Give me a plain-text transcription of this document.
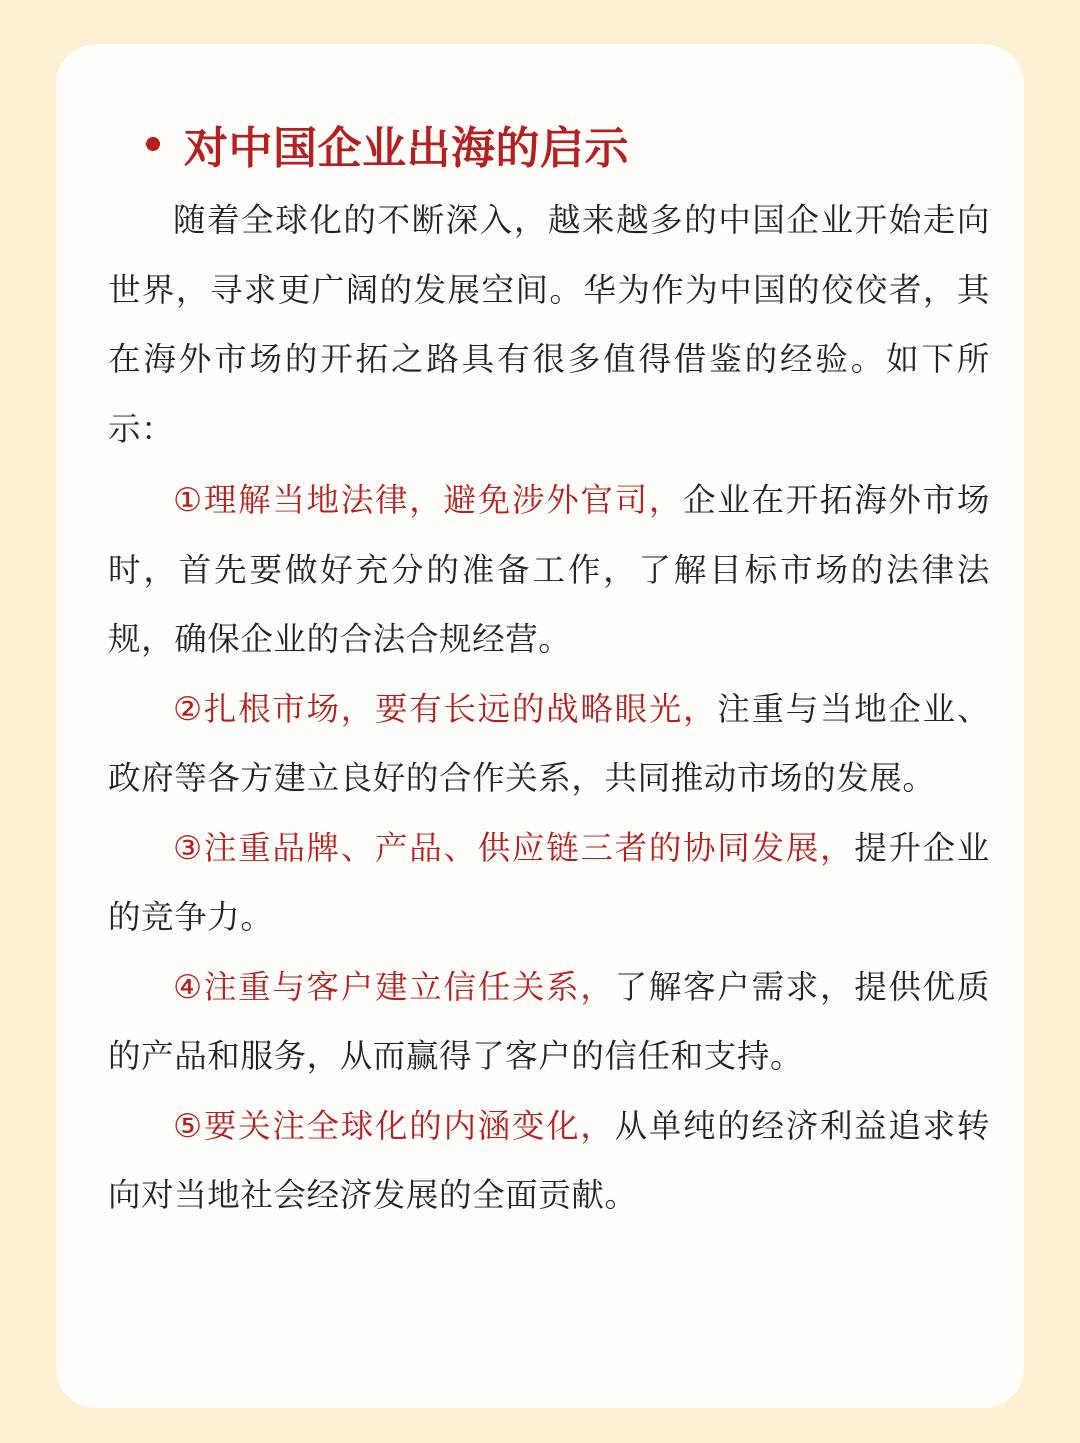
对中国企业出海的启示

随着全球化的不断深入，越来越多的中国企业开始走向世界，寻求更广阔的发展空间。华为作为中国的佼佼者，其在海外市场的开拓之路具有很多值得借鉴的经验。如下所示：

①理解当地法律，避免涉外官司，企业在开拓海外市场时，首先要做好充分的准备工作，了解目标市场的法律法规，确保企业的合法合规经营。

②扎根市场，要有长远的战略眼光，注重与当地企业、政府等各方建立良好的合作关系，共同推动市场的发展。

③注重品牌、产品、供应链三者的协同发展，提升企业的竞争力。

④注重与客户建立信任关系，了解客户需求，提供优质的产品和服务，从而赢得了客户的信任和支持。

⑤要关注全球化的内涵变化，从单纯的经济利益追求转向对当地社会经济发展的全面贡献。
